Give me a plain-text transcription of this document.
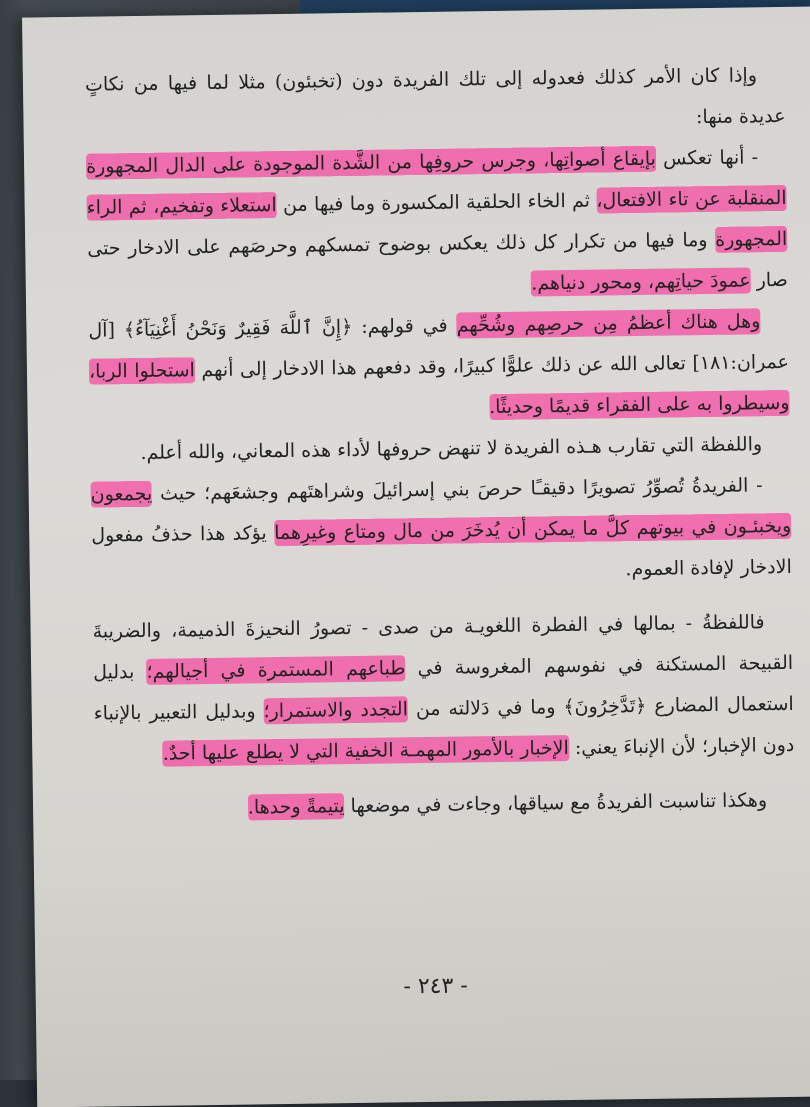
وإذا كان الأمر كذلك فعدوله إلى تلك الفريدة دون (تخبئون) مثلا لما فيها من نكاتٍ عديدة منها:

- أنها تعكس بإيقاع أصواتِها، وجرس حروفِها من الشَّدة الموجودة على الدال المجهورة المنقلبة عن تاء الافتعال، ثم الخاء الحلقية المكسورة وما فيها من استعلاء وتفخيم، ثم الراء المجهورة وما فيها من تكرار كل ذلك يعكس بوضوح تمسكهم وحرصَهم على الادخار حتى صار عمودَ حياتِهم، ومحور دنياهم.

وهل هناك أعظمُ مِن حرصِهم وشُحِّهم في قولهم: ﴿إِنَّ ٱللَّهَ فَقِيرٌ وَنَحْنُ أَغْنِيَآءُ﴾ [آل عمران:١٨١] تعالى الله عن ذلك علوًّا كبيرًا، وقد دفعهم هذا الادخار إلى أنهم استحلوا الربا، وسيطروا به على الفقراء قديمًا وحديثًا.

واللفظة التي تقارب هـذه الفريدة لا تنهض حروفها لأداء هذه المعاني، والله أعلم.

- الفريدةُ تُصوِّرُ تصويرًا دقيقـًا حرصَ بني إسرائيلَ وشراهتَهم وجشعَهم؛ حيث يجمعون ويخبئـون في بيوتهم كلَّ ما يمكن أن يُدخَرَ من مال ومتاع وغيرِهما يؤكد هذا حذفُ مفعول الادخار لإفادة العموم.

فاللفظةُ - بمالها في الفطرة اللغويـة من صدى - تصورُ النحيزةَ الذميمة، والضريبةَ القبيحة المستكنة في نفوسهم المغروسة في طباعهم المستمرة في أجيالهم؛ بدليل استعمال المضارع ﴿تَدَّخِرُونَ﴾ وما في دَلالته من التجدد والاستمرار؛ وبدليل التعبير بالإنباء دون الإخبار؛ لأن الإنباءَ يعني: الإخبار بالأمور المهمـة الخفية التي لا يطلع عليها أحدٌ.

وهكذا تناسبت الفريدةُ مع سياقها، وجاءت في موضعها يتيمةً وحدها.

- ٢٤٣ -
